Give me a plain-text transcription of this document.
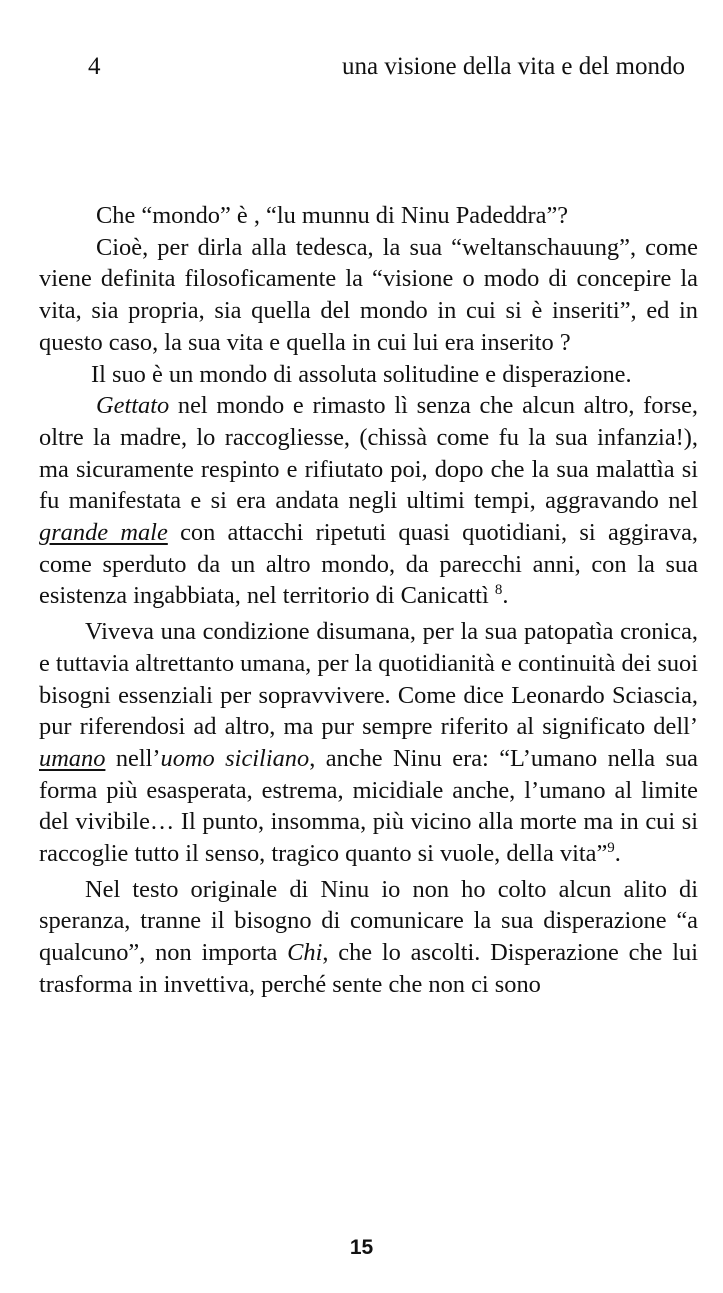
4	una visione della vita e del mondo

Che “mondo” è , “lu munnu di Ninu Padeddra”?

Cioè, per dirla alla tedesca, la sua “weltanschauung”, come viene definita filosoficamente la “visione o modo di concepire la vita, sia propria, sia quella del mondo in cui si è inseriti”, ed in questo caso, la sua vita e quella in cui lui era inserito ?

Il suo è un mondo di assoluta solitudine e disperazione.

Gettato nel mondo e rimasto lì senza che alcun altro, forse, oltre la madre, lo raccogliesse, (chissà come fu la sua infanzia!), ma sicuramente respinto e rifiutato poi, dopo che la sua malattìa si fu manifestata e si era andata negli ultimi tempi, aggravando nel grande male con attacchi ripetuti quasi quotidiani, si aggirava, come sperduto da un altro mondo, da parecchi anni, con la sua esistenza ingabbiata, nel territorio di Canicattì $^8$.

Viveva una condizione disumana, per la sua patopatìa cronica, e tuttavia altrettanto umana, per la quotidianità e continuità dei suoi bisogni essenziali per sopravvivere. Come dice Leonardo Sciascia, pur riferendosi ad altro, ma pur sempre riferito al significato dell’ umano nell’uomo siciliano, anche Ninu era: “L’umano nella sua forma più esasperata, estrema, micidiale anche, l’umano al limite del vivibile… Il punto, insomma, più vicino alla morte ma in cui si raccoglie tutto il senso, tragico quanto si vuole, della vita”$^9$.

Nel testo originale di Ninu io non ho colto alcun alito di speranza, tranne il bisogno di comunicare la sua disperazione “a qualcuno”, non importa Chi, che lo ascolti. Disperazione che lui trasforma in invettiva, perché sente che non ci sono

15
